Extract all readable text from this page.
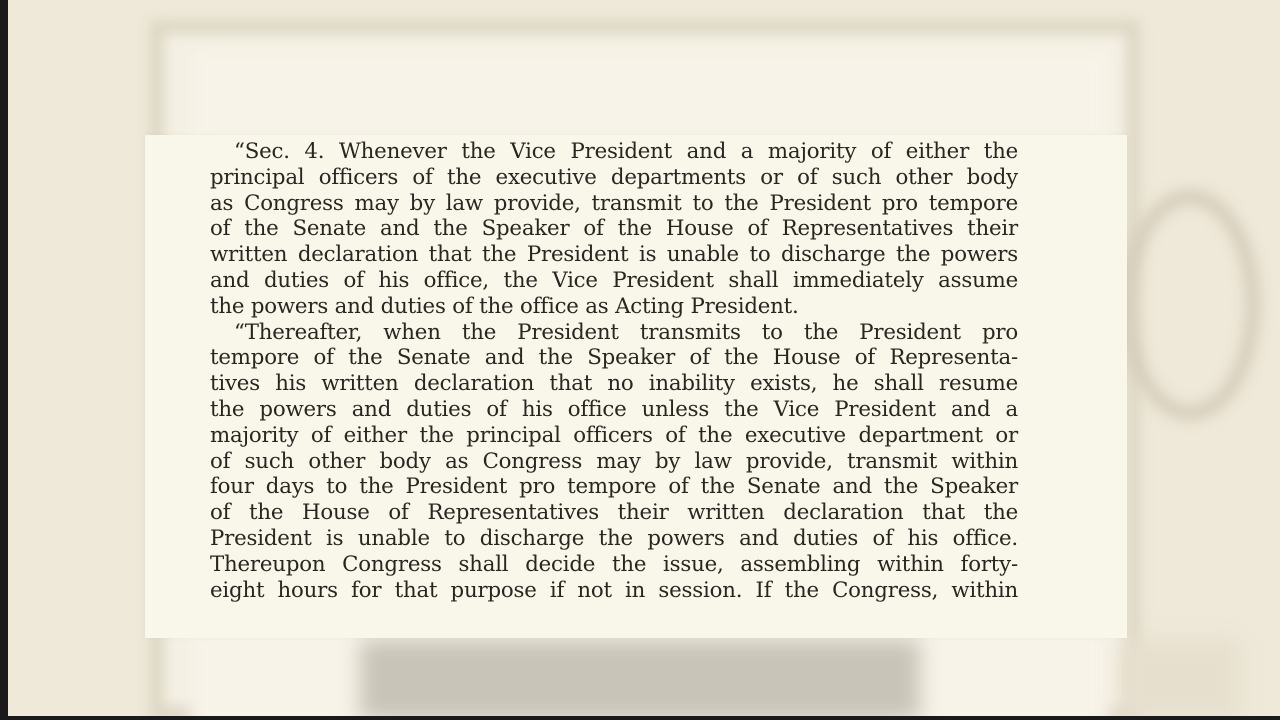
“Sec. 4. Whenever the Vice President and a majority of either the
principal officers of the executive departments or of such other body
as Congress may by law provide, transmit to the President pro tempore
of the Senate and the Speaker of the House of Representatives their
written declaration that the President is unable to discharge the powers
and duties of his office, the Vice President shall immediately assume
the powers and duties of the office as Acting President.
“Thereafter, when the President transmits to the President pro
tempore of the Senate and the Speaker of the House of Representa-
tives his written declaration that no inability exists, he shall resume
the powers and duties of his office unless the Vice President and a
majority of either the principal officers of the executive department or
of such other body as Congress may by law provide, transmit within
four days to the President pro tempore of the Senate and the Speaker
of the House of Representatives their written declaration that the
President is unable to discharge the powers and duties of his office.
Thereupon Congress shall decide the issue, assembling within forty-
eight hours for that purpose if not in session. If the Congress, within
